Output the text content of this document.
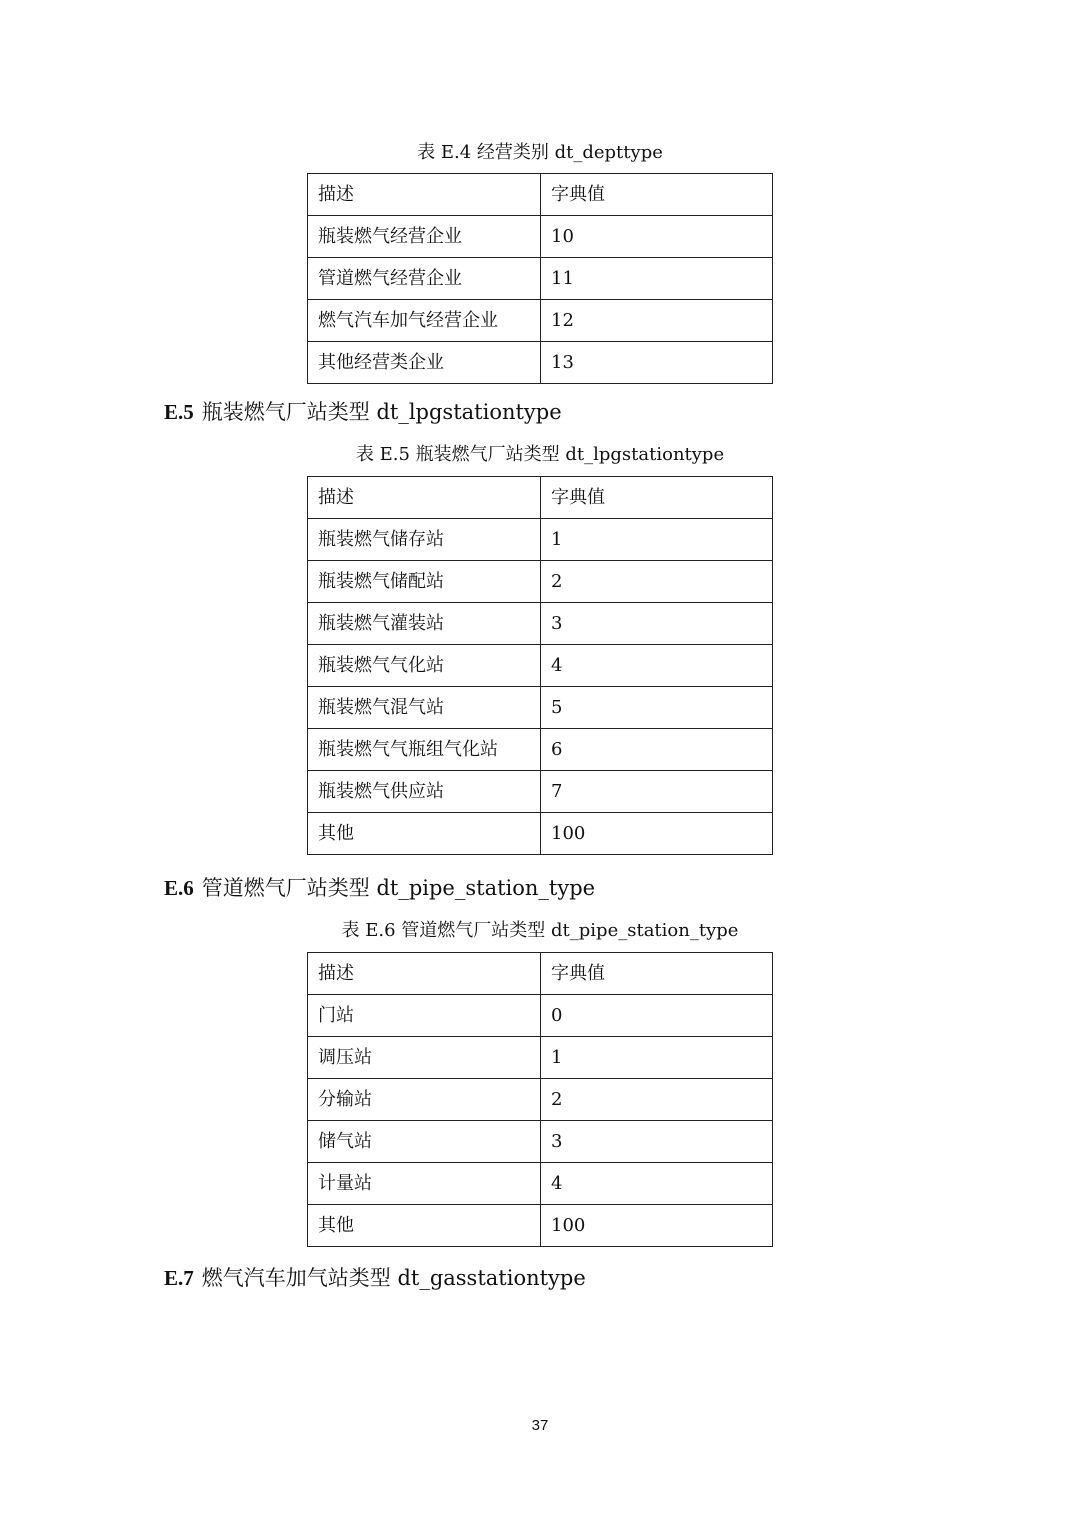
表 E.4 经营类别 dt_depttype
描述	字典值
瓶装燃气经营企业	10
管道燃气经营企业	11
燃气汽车加气经营企业	12
其他经营类企业	13
E.5 瓶装燃气厂站类型 dt_lpgstationtype
表 E.5 瓶装燃气厂站类型 dt_lpgstationtype
描述	字典值
瓶装燃气储存站	1
瓶装燃气储配站	2
瓶装燃气灌装站	3
瓶装燃气气化站	4
瓶装燃气混气站	5
瓶装燃气气瓶组气化站	6
瓶装燃气供应站	7
其他	100
E.6 管道燃气厂站类型 dt_pipe_station_type
表 E.6 管道燃气厂站类型 dt_pipe_station_type
描述	字典值
门站	0
调压站	1
分输站	2
储气站	3
计量站	4
其他	100
E.7 燃气汽车加气站类型 dt_gasstationtype
37
